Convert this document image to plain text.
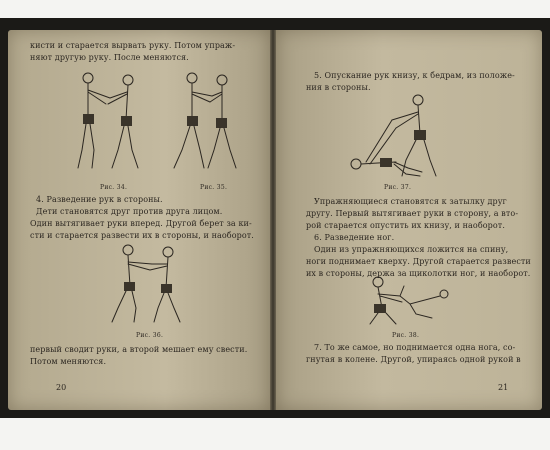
кисти и старается вырвать руку. Потом упраж-
няют другую руку. После меняются.
Рис. 34.	Рис. 35.
4. Разведение рук в стороны.
Дети становятся друг против друга лицом.
Один вытягивает руки вперед. Другой берет за ки-
сти и старается развести их в стороны, и наоборот.
Рис. 36.
первый сводит руки, а второй мешает ему свести.
Потом меняются.
20
5. Опускание рук книзу, к бедрам, из положе-
ния в стороны.
Рис. 37.
Упражняющиеся становятся к затылку друг
другу. Первый вытягивает руки в сторону, а вто-
рой старается опустить их книзу, и наоборот.
6. Разведение ног.
Один из упражняющихся ложится на спину,
ноги поднимает кверху. Другой старается развести
их в стороны, держа за щиколотки ног, и наоборот.
Рис. 38.
7. То же самое, но поднимается одна нога, со-
гнутая в колене. Другой, упираясь одной рукой в
21
